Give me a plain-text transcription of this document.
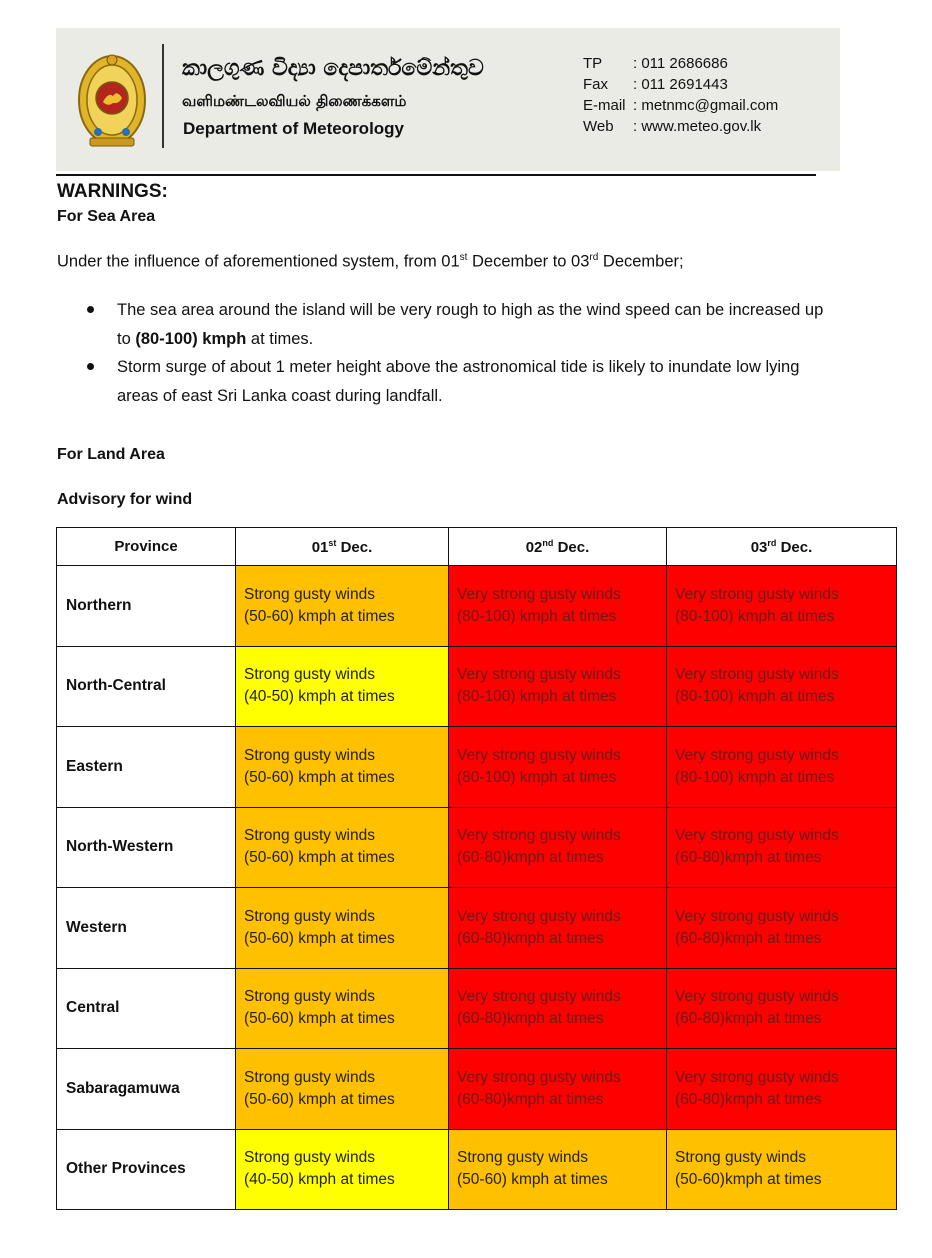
කාලගුණ විද්‍යා දෙපාර්තමේන්තුව
வளிமண்டலவியல் திணைக்களம்
Department of Meteorology
TP : 011 2686686
Fax : 011 2691443
E-mail : metnmc@gmail.com
Web : www.meteo.gov.lk
WARNINGS:
For Sea Area
Under the influence of aforementioned system, from 01st December to 03rd December;
The sea area around the island will be very rough to high as the wind speed can be increased up to (80-100) kmph at times.
Storm surge of about 1 meter height above the astronomical tide is likely to inundate low lying areas of east Sri Lanka coast during landfall.
For Land Area
Advisory for wind
Province	01st Dec.	02nd Dec.	03rd Dec.
Northern	Strong gusty winds
(50-60) kmph at times	Very strong gusty winds
(80-100) kmph at times	Very strong gusty winds
(80-100) kmph at times
North-Central	Strong gusty winds
(40-50) kmph at times	Very strong gusty winds
(80-100) kmph at times	Very strong gusty winds
(80-100) kmph at times
Eastern	Strong gusty winds
(50-60) kmph at times	Very strong gusty winds
(80-100) kmph at times	Very strong gusty winds
(80-100) kmph at times
North-Western	Strong gusty winds
(50-60) kmph at times	Very strong gusty winds
(60-80)kmph at times	Very strong gusty winds
(60-80)kmph at times
Western	Strong gusty winds
(50-60) kmph at times	Very strong gusty winds
(60-80)kmph at times	Very strong gusty winds
(60-80)kmph at times
Central	Strong gusty winds
(50-60) kmph at times	Very strong gusty winds
(60-80)kmph at times	Very strong gusty winds
(60-80)kmph at times
Sabaragamuwa	Strong gusty winds
(50-60) kmph at times	Very strong gusty winds
(60-80)kmph at times	Very strong gusty winds
(60-80)kmph at times
Other Provinces	Strong gusty winds
(40-50) kmph at times	Strong gusty winds
(50-60) kmph at times	Strong gusty winds
(50-60)kmph at times
